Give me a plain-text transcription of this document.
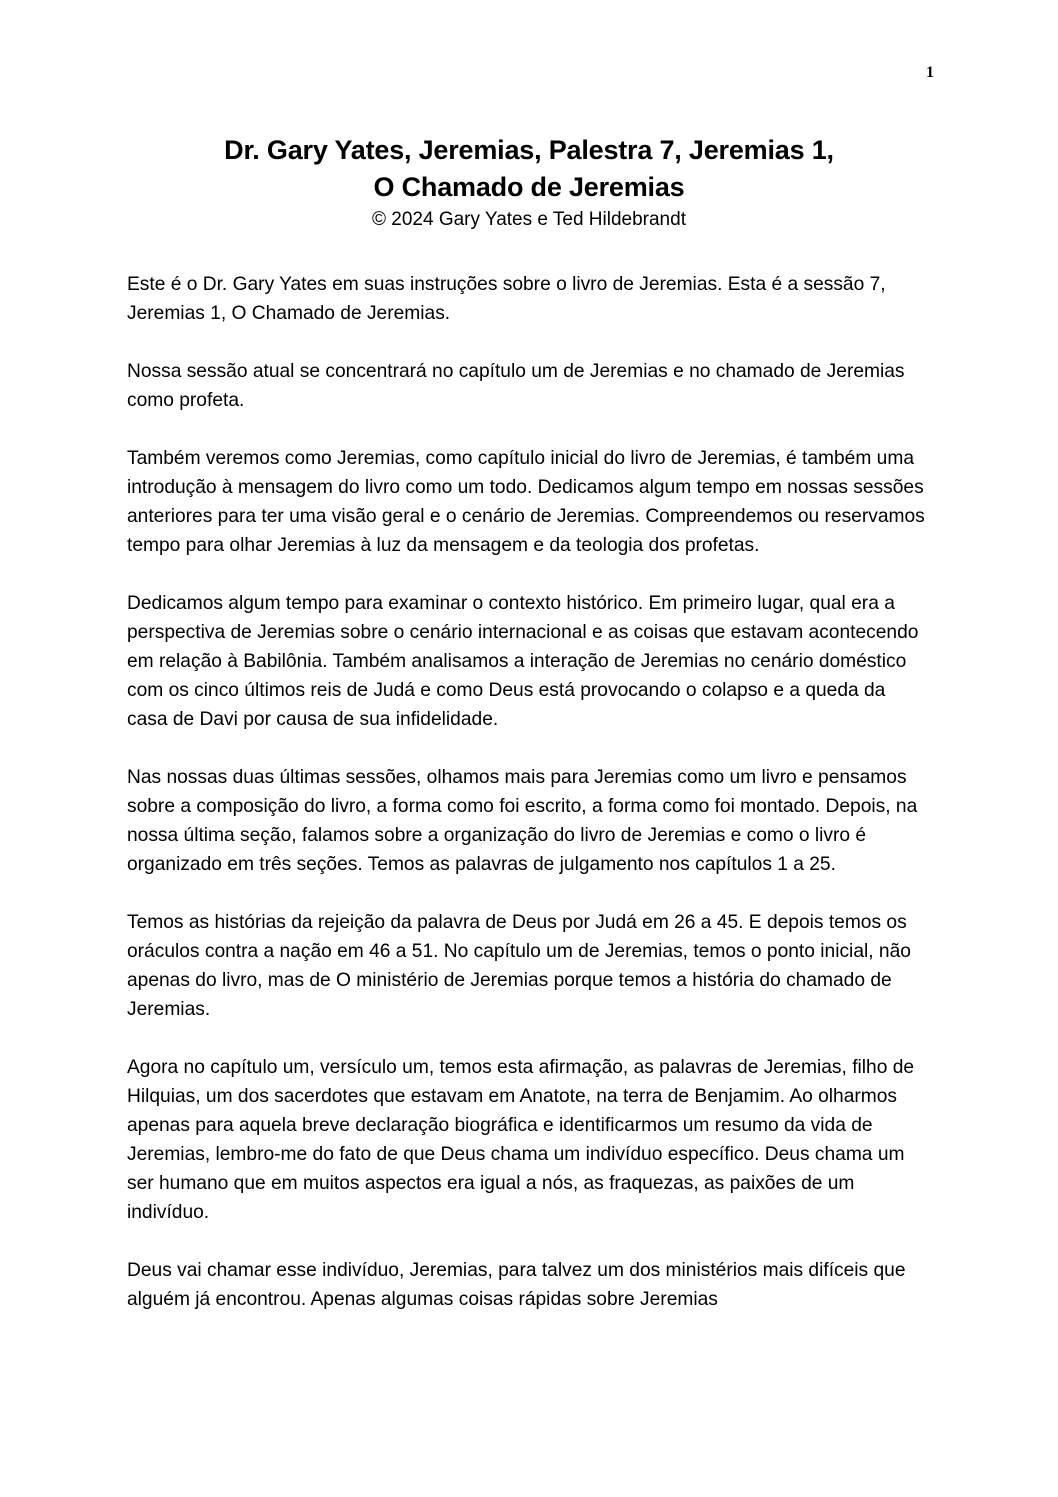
1
Dr. Gary Yates, Jeremias, Palestra 7, Jeremias 1,
O Chamado de Jeremias
© 2024 Gary Yates e Ted Hildebrandt

Este é o Dr. Gary Yates em suas instruções sobre o livro de Jeremias. Esta é a sessão 7, Jeremias 1, O Chamado de Jeremias.

Nossa sessão atual se concentrará no capítulo um de Jeremias e no chamado de Jeremias como profeta.

Também veremos como Jeremias, como capítulo inicial do livro de Jeremias, é também uma introdução à mensagem do livro como um todo. Dedicamos algum tempo em nossas sessões anteriores para ter uma visão geral e o cenário de Jeremias. Compreendemos ou reservamos tempo para olhar Jeremias à luz da mensagem e da teologia dos profetas.

Dedicamos algum tempo para examinar o contexto histórico. Em primeiro lugar, qual era a perspectiva de Jeremias sobre o cenário internacional e as coisas que estavam acontecendo em relação à Babilônia. Também analisamos a interação de Jeremias no cenário doméstico com os cinco últimos reis de Judá e como Deus está provocando o colapso e a queda da casa de Davi por causa de sua infidelidade.

Nas nossas duas últimas sessões, olhamos mais para Jeremias como um livro e pensamos sobre a composição do livro, a forma como foi escrito, a forma como foi montado. Depois, na nossa última seção, falamos sobre a organização do livro de Jeremias e como o livro é organizado em três seções. Temos as palavras de julgamento nos capítulos 1 a 25.

Temos as histórias da rejeição da palavra de Deus por Judá em 26 a 45. E depois temos os oráculos contra a nação em 46 a 51. No capítulo um de Jeremias, temos o ponto inicial, não apenas do livro, mas de O ministério de Jeremias porque temos a história do chamado de Jeremias.

Agora no capítulo um, versículo um, temos esta afirmação, as palavras de Jeremias, filho de Hilquias, um dos sacerdotes que estavam em Anatote, na terra de Benjamim. Ao olharmos apenas para aquela breve declaração biográfica e identificarmos um resumo da vida de Jeremias, lembro-me do fato de que Deus chama um indivíduo específico. Deus chama um ser humano que em muitos aspectos era igual a nós, as fraquezas, as paixões de um indivíduo.

Deus vai chamar esse indivíduo, Jeremias, para talvez um dos ministérios mais difíceis que alguém já encontrou. Apenas algumas coisas rápidas sobre Jeremias
